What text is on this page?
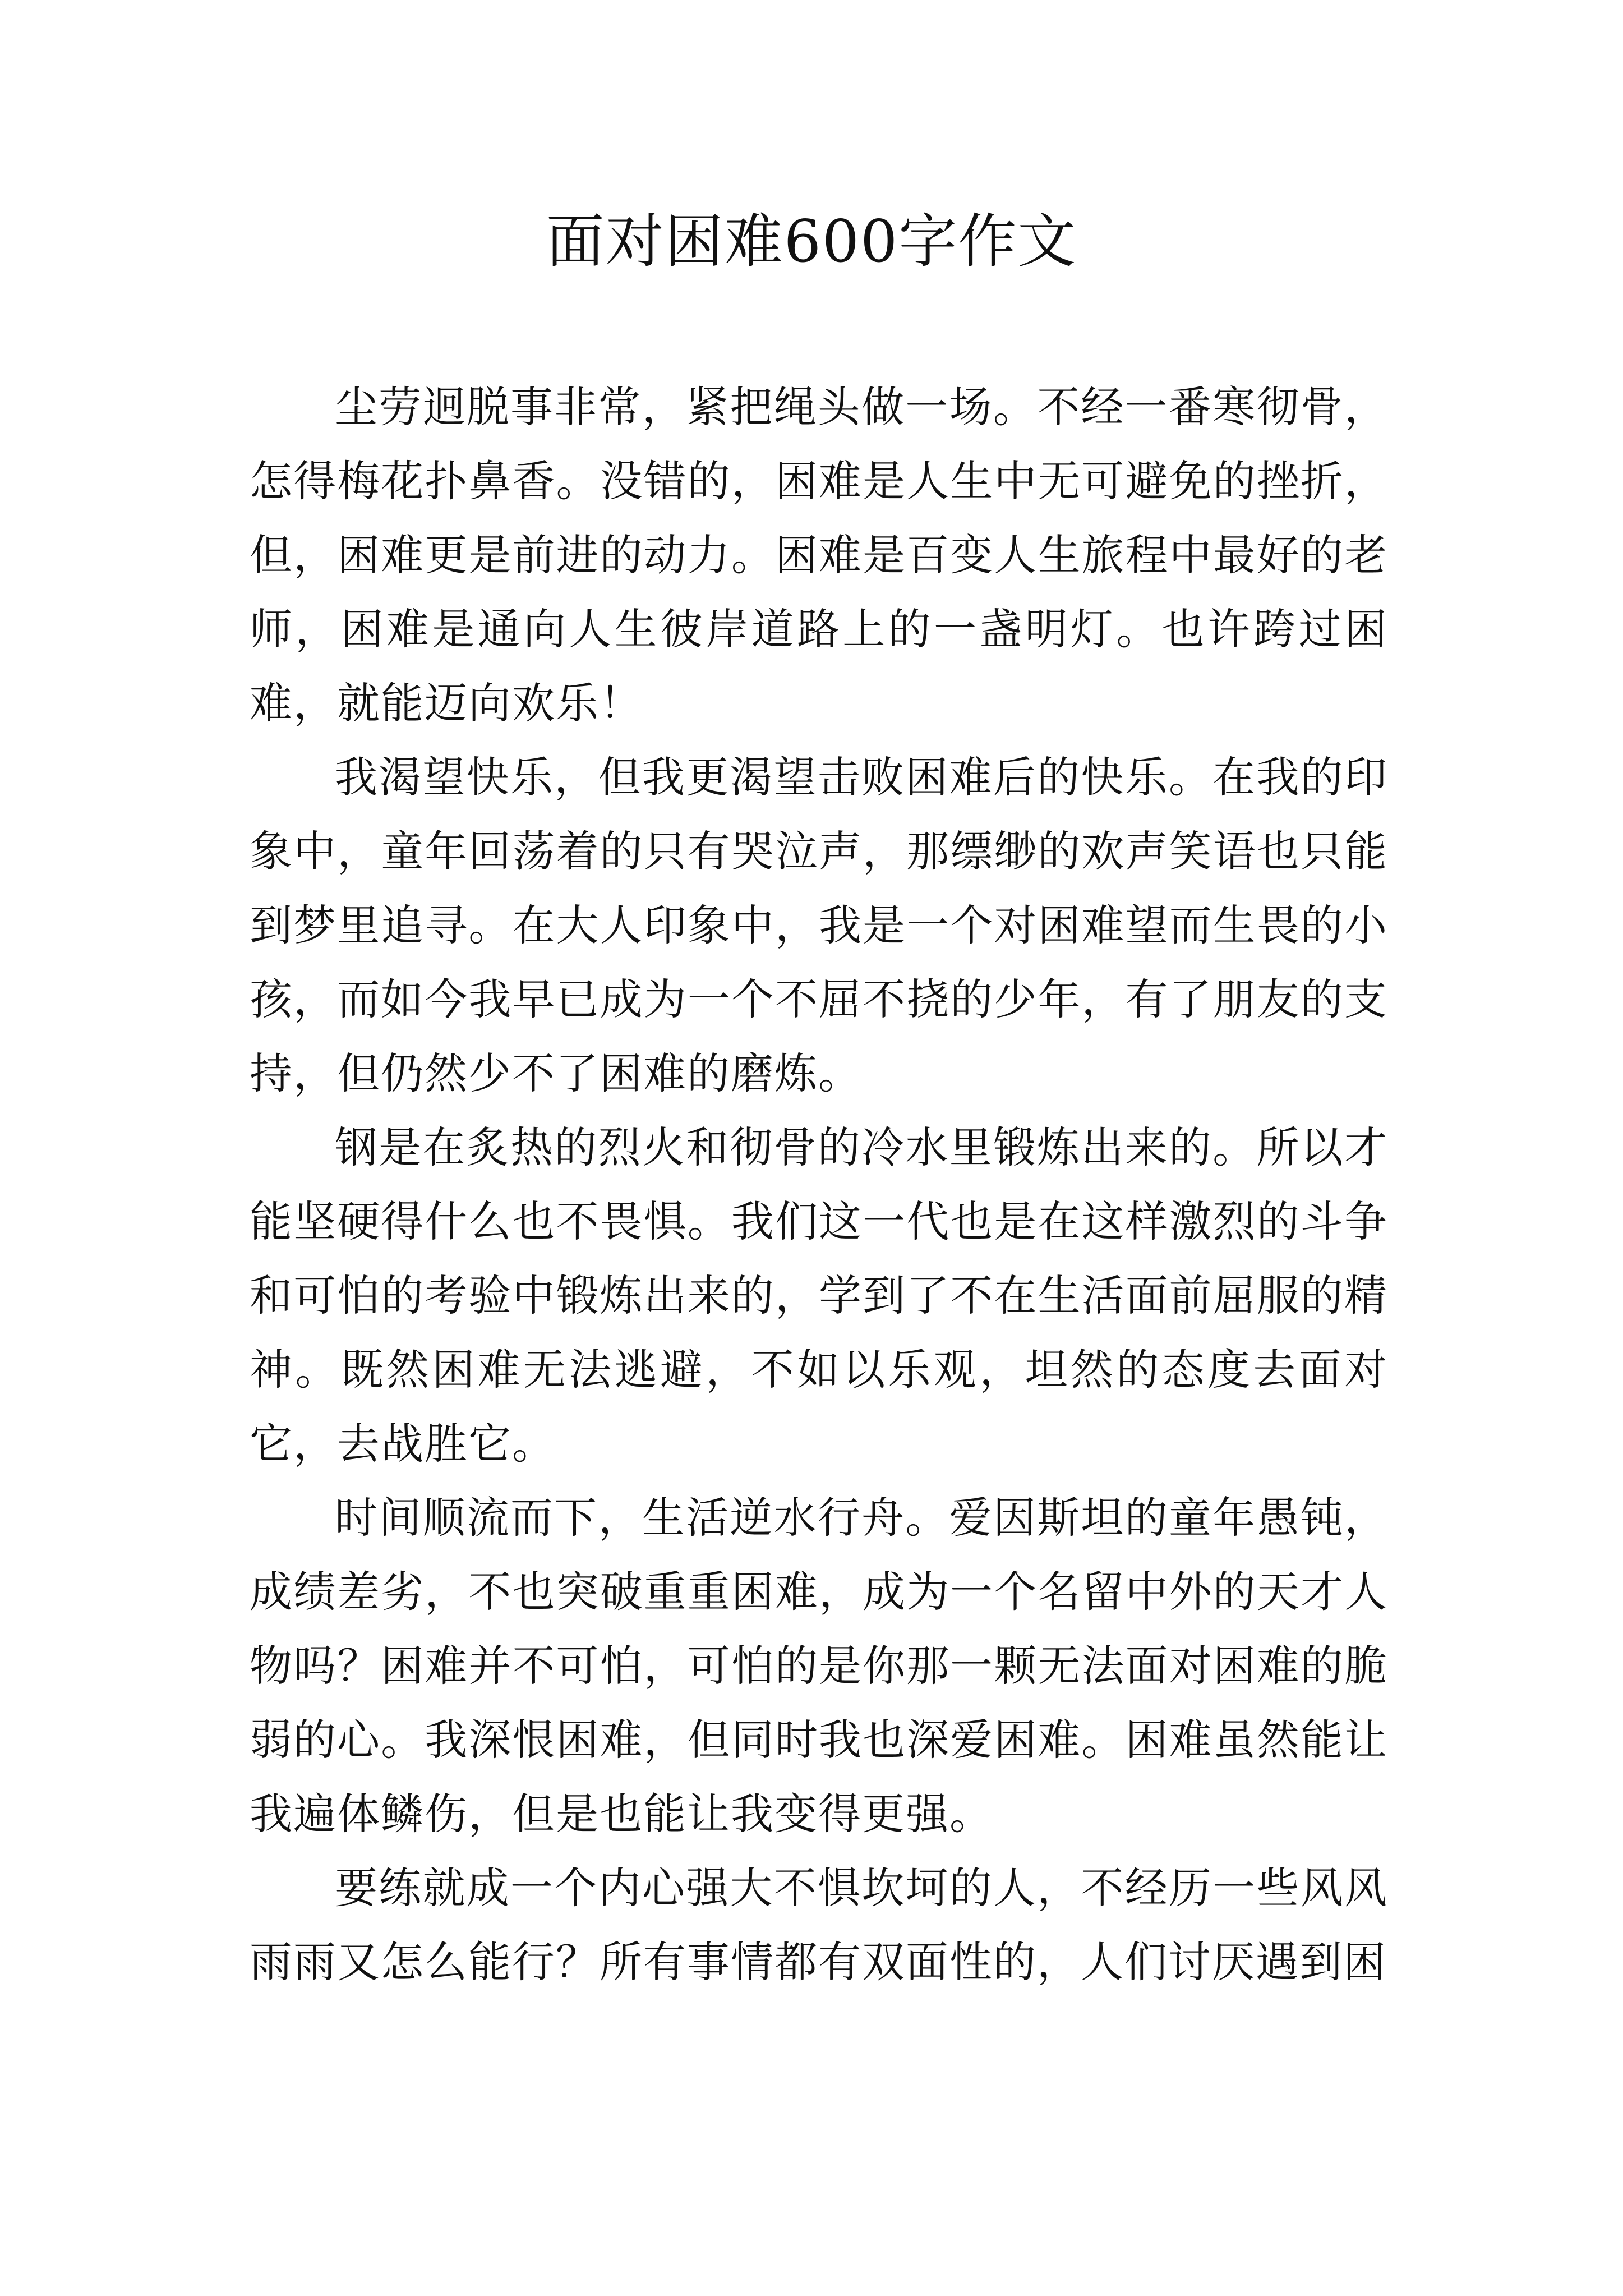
面对困难600字作文

尘劳迥脱事非常，紧把绳头做一场。不经一番寒彻骨，怎得梅花扑鼻香。没错的，困难是人生中无可避免的挫折，但，困难更是前进的动力。困难是百变人生旅程中最好的老师，困难是通向人生彼岸道路上的一盏明灯。也许跨过困难，就能迈向欢乐！

我渴望快乐，但我更渴望击败困难后的快乐。在我的印象中，童年回荡着的只有哭泣声，那缥缈的欢声笑语也只能到梦里追寻。在大人印象中，我是一个对困难望而生畏的小孩，而如今我早已成为一个不屈不挠的少年，有了朋友的支持，但仍然少不了困难的磨炼。

钢是在炙热的烈火和彻骨的冷水里锻炼出来的。所以才能坚硬得什么也不畏惧。我们这一代也是在这样激烈的斗争和可怕的考验中锻炼出来的，学到了不在生活面前屈服的精神。既然困难无法逃避，不如以乐观，坦然的态度去面对它，去战胜它。

时间顺流而下，生活逆水行舟。爱因斯坦的童年愚钝，成绩差劣，不也突破重重困难，成为一个名留中外的天才人物吗？困难并不可怕，可怕的是你那一颗无法面对困难的脆弱的心。我深恨困难，但同时我也深爱困难。困难虽然能让我遍体鳞伤，但是也能让我变得更强。

要练就成一个内心强大不惧坎坷的人，不经历一些风风雨雨又怎么能行？所有事情都有双面性的，人们讨厌遇到困
